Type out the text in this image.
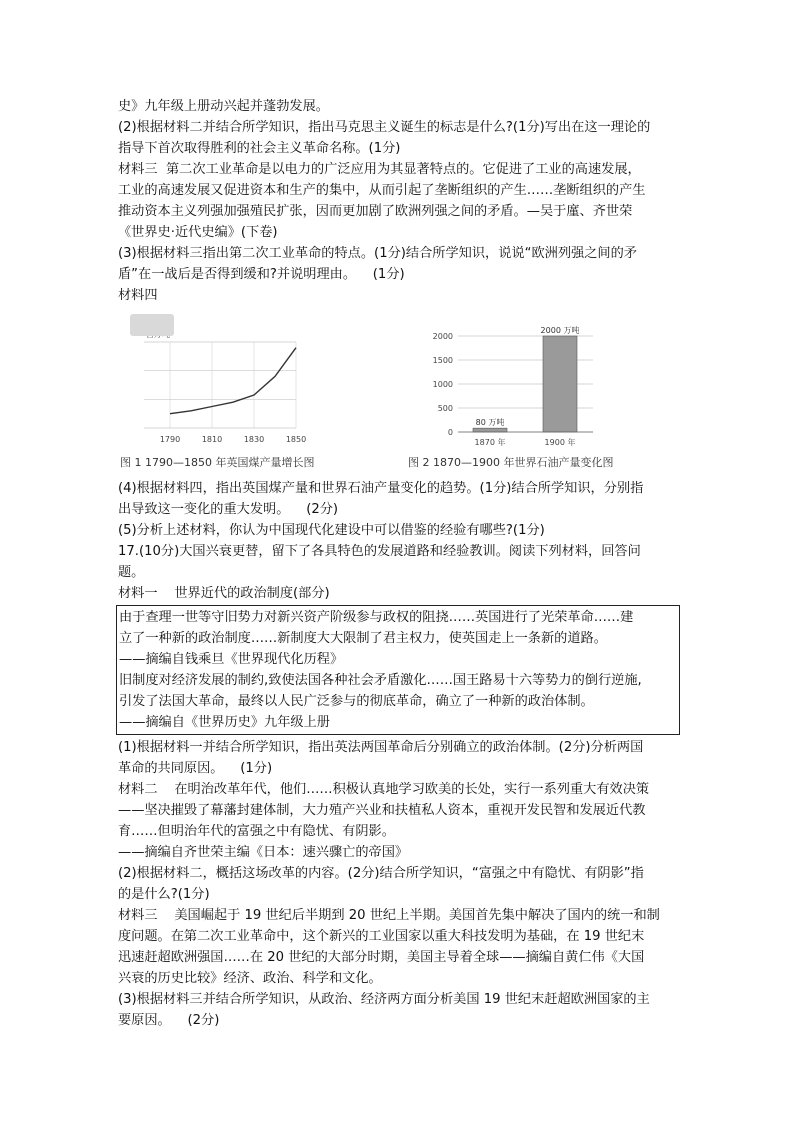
史》九年级上册动兴起并蓬勃发展。

(2)根据材料二并结合所学知识，指出马克思主义诞生的标志是什么?(1分)写出在这一理论的

指导下首次取得胜利的社会主义革命名称。(1分)

材料三  第二次工业革命是以电力的广泛应用为其显著特点的。它促进了工业的高速发展，

工业的高速发展又促进资本和生产的集中，从而引起了垄断组织的产生……垄断组织的产生

推动资本主义列强加强殖民扩张，因而更加剧了欧洲列强之间的矛盾。—吴于廑、齐世荣

《世界史·近代史编》(下卷)

(3)根据材料三指出第二次工业革命的特点。(1分)结合所学知识，说说“欧洲列强之间的矛

盾”在一战后是否得到缓和?并说明理由。    (1分)

材料四

1790	1810	1830	1850
图 1 1790—1850 年英国煤产量增长图
0
500
1000
1500
2000
80 万吨
1870 年
2000 万吨
1900 年
图 2 1870—1900 年世界石油产量变化图

(4)根据材料四，指出英国煤产量和世界石油产量变化的趋势。(1分)结合所学知识，分别指

出导致这一变化的重大发明。    (2分)

(5)分析上述材料，你认为中国现代化建设中可以借鉴的经验有哪些?(1分)

17.(10分)大国兴衰更替，留下了各具特色的发展道路和经验教训。阅读下列材料，回答问

题。

材料一    世界近代的政治制度(部分)

由于查理一世等守旧势力对新兴资产阶级参与政权的阻挠……英国进行了光荣革命……建

立了一种新的政治制度……新制度大大限制了君主权力，使英国走上一条新的道路。

——摘编自钱乘旦《世界现代化历程》

旧制度对经济发展的制约,致使法国各种社会矛盾激化……国王路易十六等势力的倒行逆施,

引发了法国大革命，最终以人民广泛参与的彻底革命，确立了一种新的政治体制。

——摘编自《世界历史》九年级上册

(1)根据材料一并结合所学知识，指出英法两国革命后分别确立的政治体制。(2分)分析两国

革命的共同原因。    (1分)

材料二    在明治改革年代，他们……积极认真地学习欧美的长处，实行一系列重大有效决策

——坚决摧毁了幕藩封建体制，大力殖产兴业和扶植私人资本，重视开发民智和发展近代教

育……但明治年代的富强之中有隐忧、有阴影。

——摘编自齐世荣主编《日本：速兴骤亡的帝国》

(2)根据材料二，概括这场改革的内容。(2分)结合所学知识，“富强之中有隐忧、有阴影”指

的是什么?(1分)

材料三    美国崛起于 19 世纪后半期到 20 世纪上半期。美国首先集中解决了国内的统一和制

度问题。在第二次工业革命中，这个新兴的工业国家以重大科技发明为基础，在 19 世纪末

迅速赶超欧洲强国……在 20 世纪的大部分时期，美国主导着全球——摘编自黄仁伟《大国

兴衰的历史比较》经济、政治、科学和文化。

(3)根据材料三并结合所学知识，从政治、经济两方面分析美国 19 世纪末赶超欧洲国家的主

要原因。    (2分)
